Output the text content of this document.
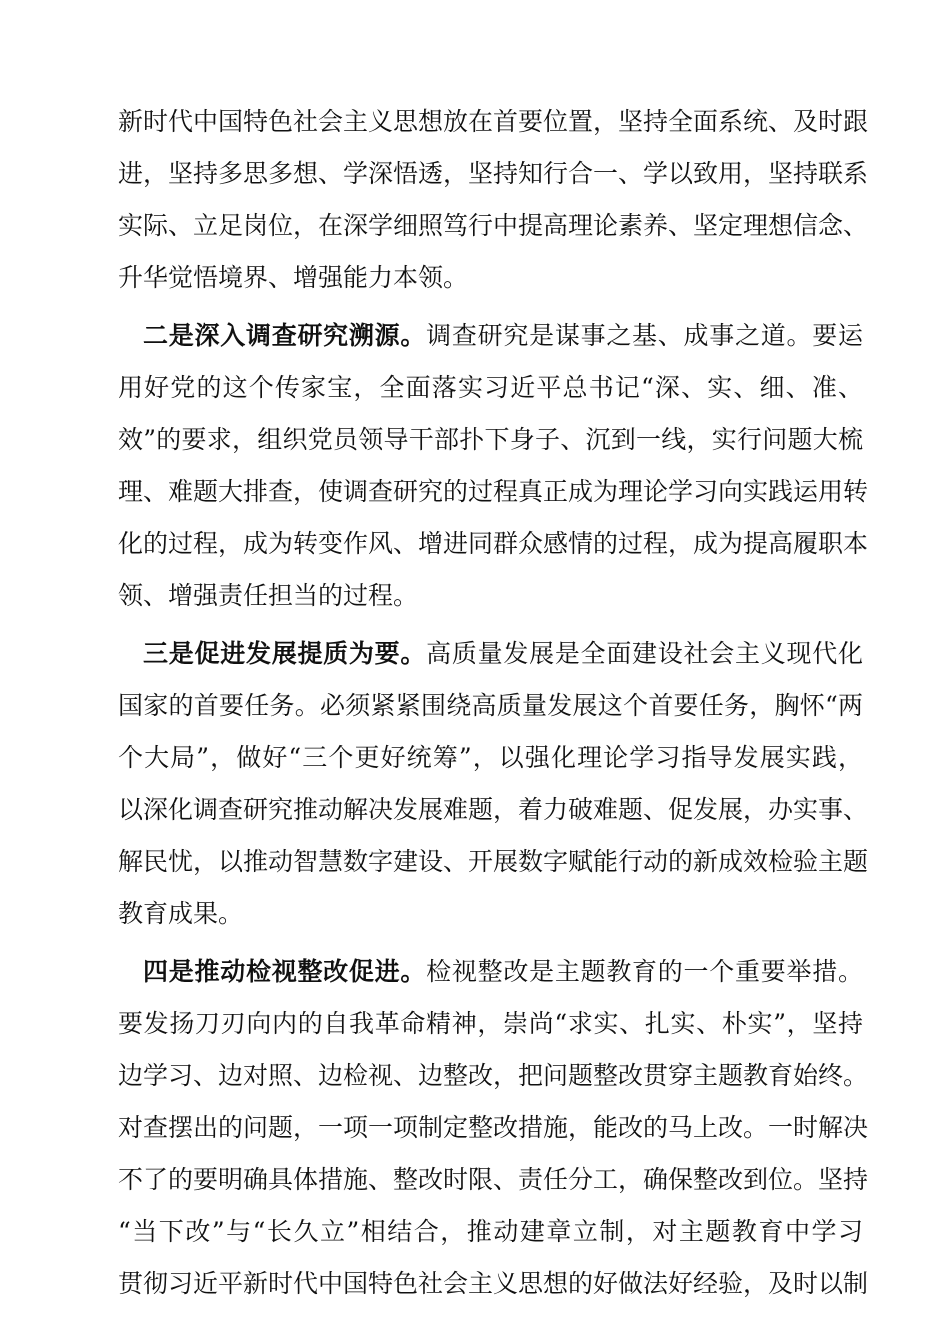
新时代中国特色社会主义思想放在首要位置，坚持全面系统、及时跟
进，坚持多思多想、学深悟透，坚持知行合一、学以致用，坚持联系
实际、立足岗位，在深学细照笃行中提高理论素养、坚定理想信念、
升华觉悟境界、增强能力本领。
二是深入调查研究溯源。调查研究是谋事之基、成事之道。要运
用好党的这个传家宝，全面落实习近平总书记“深、实、细、准、
效”的要求，组织党员领导干部扑下身子、沉到一线，实行问题大梳
理、难题大排查，使调查研究的过程真正成为理论学习向实践运用转
化的过程，成为转变作风、增进同群众感情的过程，成为提高履职本
领、增强责任担当的过程。
三是促进发展提质为要。高质量发展是全面建设社会主义现代化
国家的首要任务。必须紧紧围绕高质量发展这个首要任务，胸怀“两
个大局”，做好“三个更好统筹”，以强化理论学习指导发展实践，
以深化调查研究推动解决发展难题，着力破难题、促发展，办实事、
解民忧，以推动智慧数字建设、开展数字赋能行动的新成效检验主题
教育成果。
四是推动检视整改促进。检视整改是主题教育的一个重要举措。
要发扬刀刃向内的自我革命精神，崇尚“求实、扎实、朴实”，坚持
边学习、边对照、边检视、边整改，把问题整改贯穿主题教育始终。
对查摆出的问题，一项一项制定整改措施，能改的马上改。一时解决
不了的要明确具体措施、整改时限、责任分工，确保整改到位。坚持
“当下改”与“长久立”相结合，推动建章立制，对主题教育中学习
贯彻习近平新时代中国特色社会主义思想的好做法好经验，及时以制
